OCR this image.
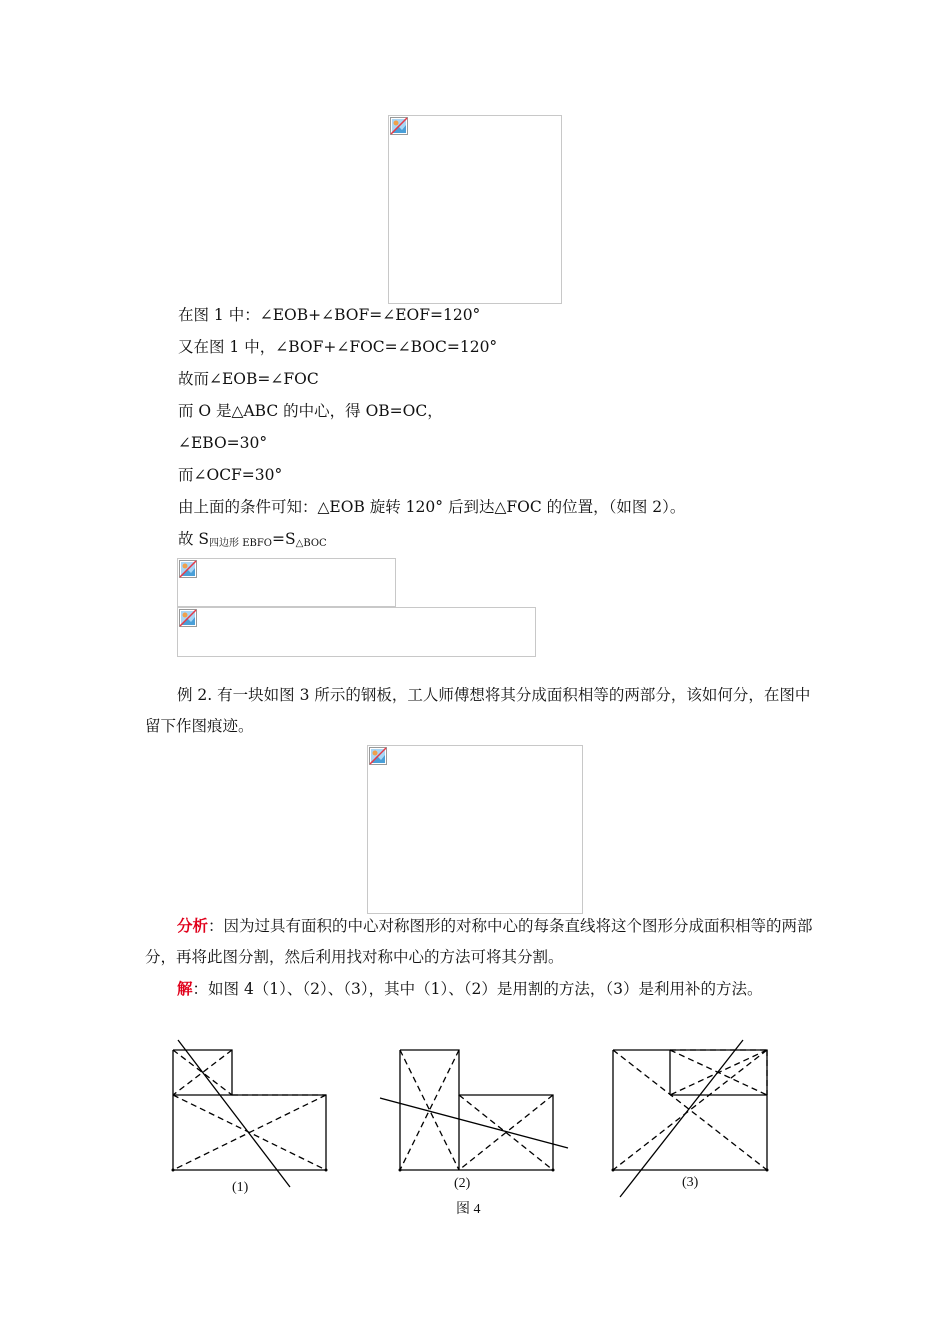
在图 1 中：∠EOB+∠BOF=∠EOF=120°
又在图 1 中，∠BOF+∠FOC=∠BOC=120°
故而∠EOB=∠FOC
而 O 是△ABC 的中心，得 OB=OC，
∠EBO=30°
而∠OCF=30°
由上面的条件可知：△EOB 旋转 120° 后到达△FOC 的位置，（如图 2）。
故 $S_{四边形 EBFO}=S_{\triangle BOC}$
例 2. 有一块如图 3 所示的钢板，工人师傅想将其分成面积相等的两部分，该如何分，在图中留下作图痕迹。
分析：因为过具有面积的中心对称图形的对称中心的每条直线将这个图形分成面积相等的两部分，再将此图分割，然后利用找对称中心的方法可将其分割。
解：如图 4（1）、（2）、（3），其中（1）、（2）是用割的方法，（3）是利用补的方法。
(1)	(2)	(3)
图 4
